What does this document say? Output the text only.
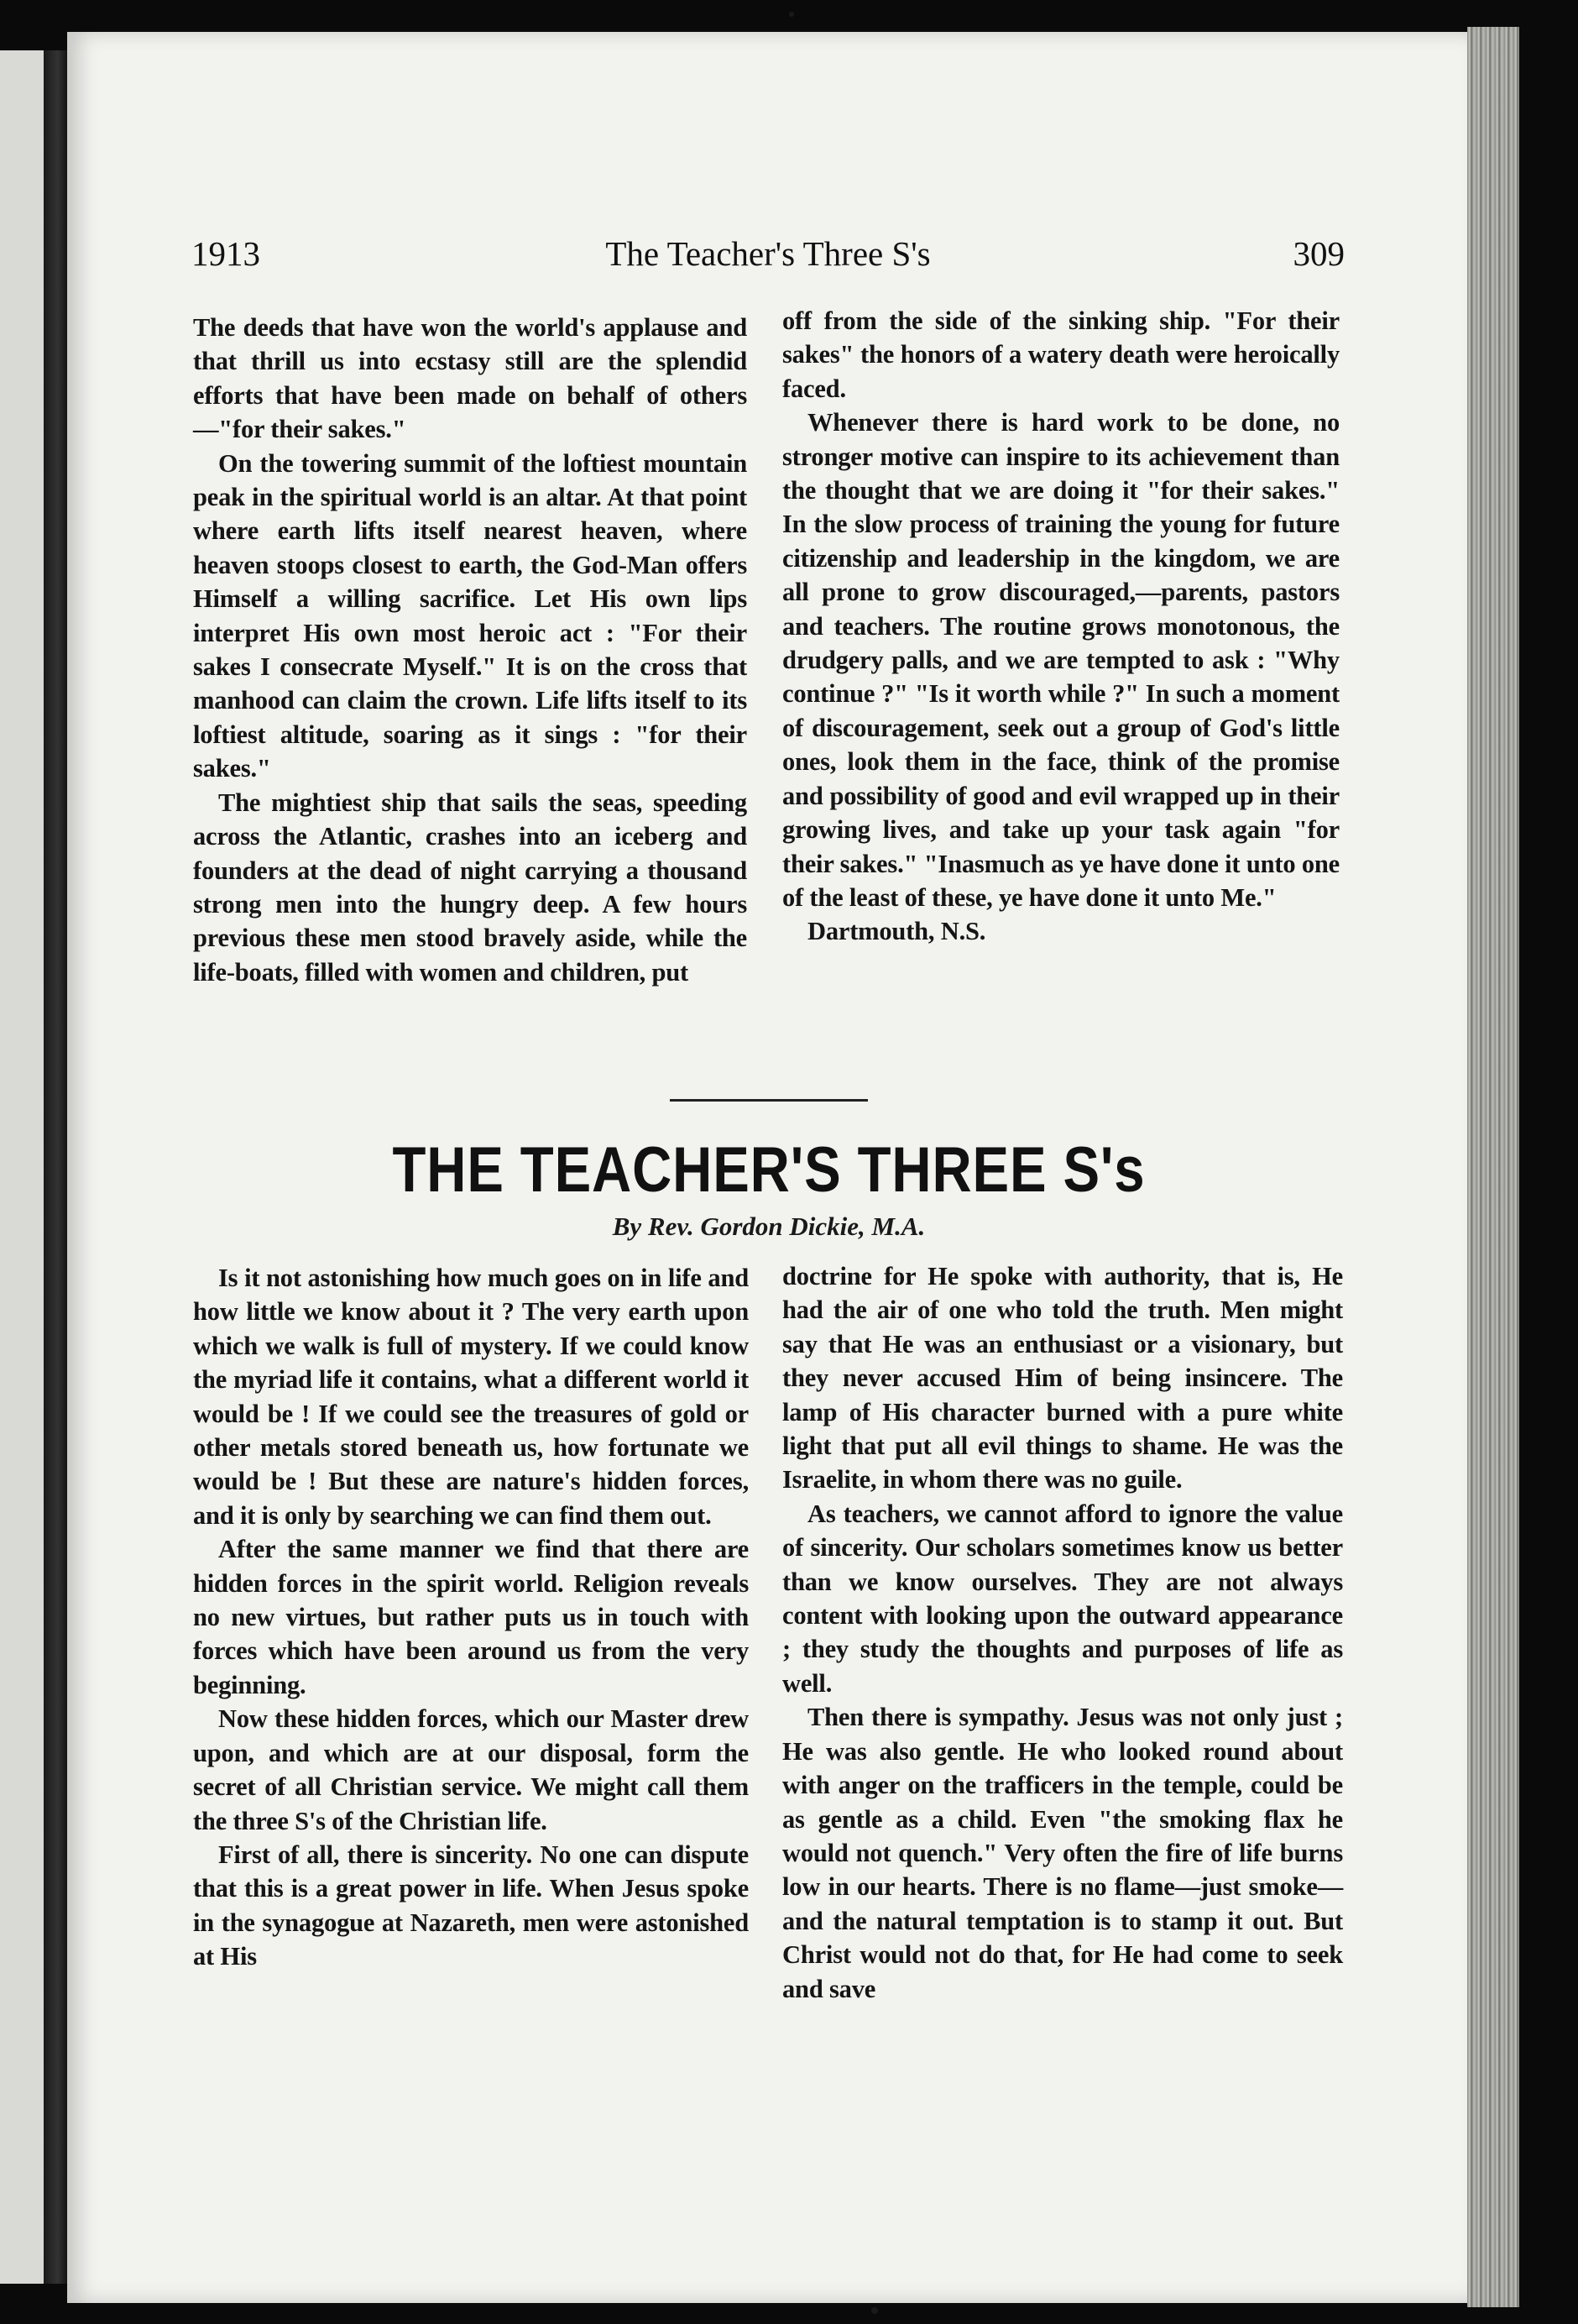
The Teacher's Three S's
1913	309

The deeds that have won the world's applause and that thrill us into ecstasy still are the splendid efforts that have been made on behalf of others—"for their sakes."

On the towering summit of the loftiest mountain peak in the spiritual world is an altar. At that point where earth lifts itself nearest heaven, where heaven stoops closest to earth, the God-Man offers Himself a willing sacrifice. Let His own lips interpret His own most heroic act : "For their sakes I consecrate Myself." It is on the cross that manhood can claim the crown. Life lifts itself to its loftiest altitude, soaring as it sings : "for their sakes."

The mightiest ship that sails the seas, speeding across the Atlantic, crashes into an iceberg and founders at the dead of night carrying a thousand strong men into the hungry deep. A few hours previous these men stood bravely aside, while the life-boats, filled with women and children, put

off from the side of the sinking ship. "For their sakes" the honors of a watery death were heroically faced.

Whenever there is hard work to be done, no stronger motive can inspire to its achievement than the thought that we are doing it "for their sakes." In the slow process of training the young for future citizenship and leadership in the kingdom, we are all prone to grow discouraged,—parents, pastors and teachers. The routine grows monotonous, the drudgery palls, and we are tempted to ask : "Why continue ?" "Is it worth while ?" In such a moment of discouragement, seek out a group of God's little ones, look them in the face, think of the promise and possibility of good and evil wrapped up in their growing lives, and take up your task again "for their sakes." "Inasmuch as ye have done it unto one of the least of these, ye have done it unto Me."

Dartmouth, N.S.

THE TEACHER'S THREE S's
By Rev. Gordon Dickie, M.A.

Is it not astonishing how much goes on in life and how little we know about it ? The very earth upon which we walk is full of mystery. If we could know the myriad life it contains, what a different world it would be ! If we could see the treasures of gold or other metals stored beneath us, how fortunate we would be ! But these are nature's hidden forces, and it is only by searching we can find them out.

After the same manner we find that there are hidden forces in the spirit world. Religion reveals no new virtues, but rather puts us in touch with forces which have been around us from the very beginning.

Now these hidden forces, which our Master drew upon, and which are at our disposal, form the secret of all Christian service. We might call them the three S's of the Christian life.

First of all, there is sincerity. No one can dispute that this is a great power in life. When Jesus spoke in the synagogue at Nazareth, men were astonished at His

doctrine for He spoke with authority, that is, He had the air of one who told the truth. Men might say that He was an enthusiast or a visionary, but they never accused Him of being insincere. The lamp of His character burned with a pure white light that put all evil things to shame. He was the Israelite, in whom there was no guile.

As teachers, we cannot afford to ignore the value of sincerity. Our scholars sometimes know us better than we know ourselves. They are not always content with looking upon the outward appearance ; they study the thoughts and purposes of life as well.

Then there is sympathy. Jesus was not only just ; He was also gentle. He who looked round about with anger on the trafficers in the temple, could be as gentle as a child. Even "the smoking flax he would not quench." Very often the fire of life burns low in our hearts. There is no flame—just smoke—and the natural temptation is to stamp it out. But Christ would not do that, for He had come to seek and save
